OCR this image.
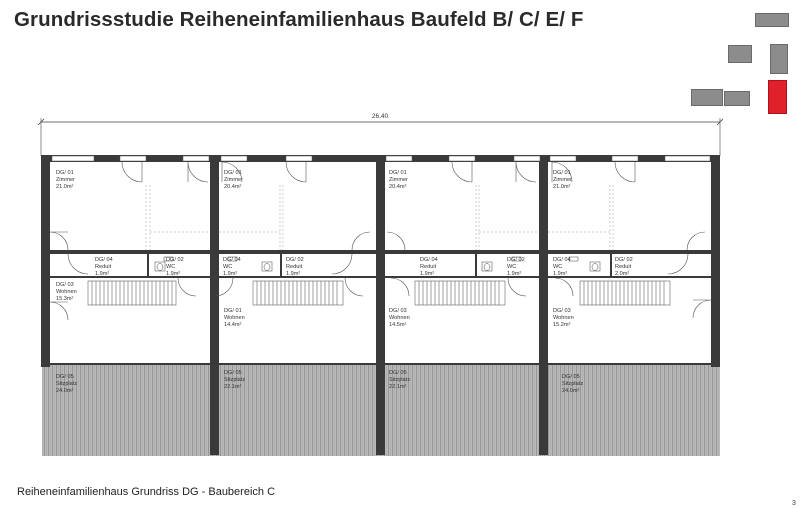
Grundrissstudie Reiheneinfamilienhaus Baufeld B/ C/ E/ F
26.40
DG/ 01
Zimmer
21.0m²
DG/ 04
Reduit
1.9m²
DG/ 02
WC
1.9m²
DG/ 03
Wohnen
15.3m²
DG/ 05
Sitzplatz
24.0m²
DG/ 01
Zimmer
20.4m²
DG/ 04
WC
1.9m²
DG/ 02
Reduit
1.9m²
DG/ 01
Wohnen
14.4m²
DG/ 05
Sitzplatz
22.1m²
DG/ 01
Zimmer
20.4m²
DG/ 04
Reduit
1.9m²
DG/ 02
WC
1.9m²
DG/ 03
Wohnen
14.5m²
DG/ 05
Sitzplatz
22.1m²
DG/ 01
Zimmer
21.0m²
DG/ 04
WC
1.9m²
DG/ 02
Reduit
2.0m²
DG/ 03
Wohnen
15.2m²
DG/ 05
Sitzplatz
24.0m²
Reiheneinfamilienhaus Grundriss DG - Baubereich C
3
